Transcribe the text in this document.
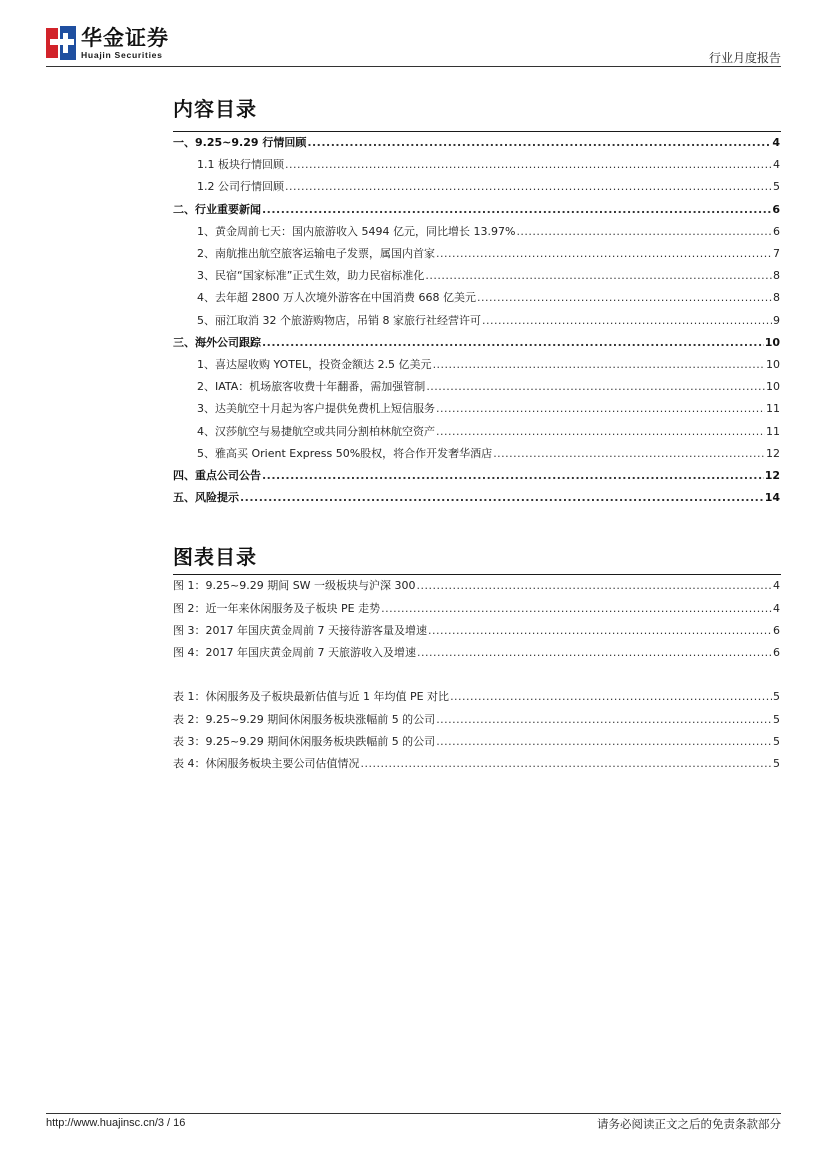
华金证券
Huajin Securities	行业月度报告
内容目录
一、9.25~9.29 行情回顾 .....	4
1.1 板块行情回顾 .....	4
1.2 公司行情回顾 .....	5
二、行业重要新闻 .....	6
1、黄金周前七天：国内旅游收入 5494 亿元，同比增长 13.97% .....	6
2、南航推出航空旅客运输电子发票，属国内首家 .....	7
3、民宿“国家标准”正式生效，助力民宿标准化 .....	8
4、去年超 2800 万人次境外游客在中国消费 668 亿美元 .....	8
5、丽江取消 32 个旅游购物店，吊销 8 家旅行社经营许可 .....	9
三、海外公司跟踪 .....	10
1、喜达屋收购 YOTEL，投资金额达 2.5 亿美元 .....	10
2、IATA：机场旅客收费十年翻番，需加强管制 .....	10
3、达美航空十月起为客户提供免费机上短信服务 .....	11
4、汉莎航空与易捷航空或共同分割柏林航空资产 .....	11
5、雅高买 Orient Express 50%股权，将合作开发奢华酒店 .....	12
四、重点公司公告 .....	12
五、风险提示 .....	14
图表目录
图 1：9.25~9.29 期间 SW 一级板块与沪深 300 .....	4
图 2：近一年来休闲服务及子板块 PE 走势 .....	4
图 3：2017 年国庆黄金周前 7 天接待游客量及增速 .....	6
图 4：2017 年国庆黄金周前 7 天旅游收入及增速 .....	6
表 1：休闲服务及子板块最新估值与近 1 年均值 PE 对比 .....	5
表 2：9.25~9.29 期间休闲服务板块涨幅前 5 的公司 .....	5
表 3：9.25~9.29 期间休闲服务板块跌幅前 5 的公司 .....	5
表 4：休闲服务板块主要公司估值情况 .....	5
http://www.huajinsc.cn/3 / 16	请务必阅读正文之后的免责条款部分
